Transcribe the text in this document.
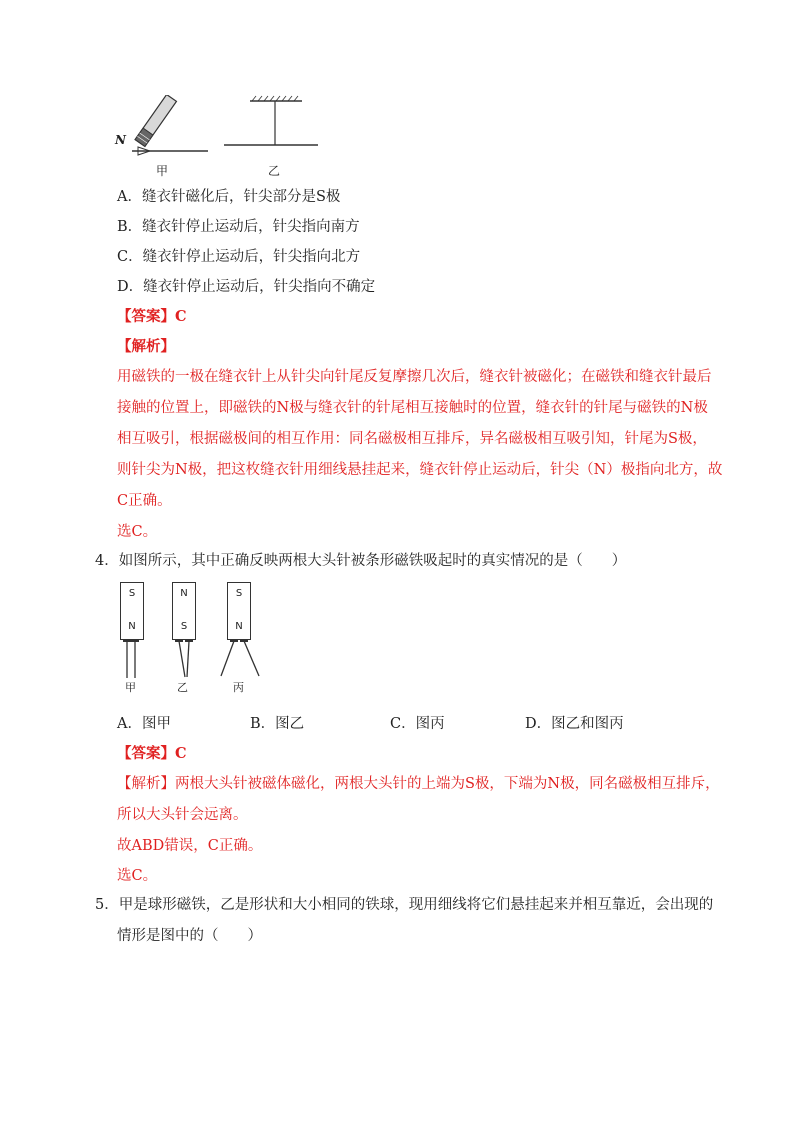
N
甲	乙
A．缝衣针磁化后，针尖部分是S极
B．缝衣针停止运动后，针尖指向南方
C．缝衣针停止运动后，针尖指向北方
D．缝衣针停止运动后，针尖指向不确定
【答案】C
【解析】
用磁铁的一极在缝衣针上从针尖向针尾反复摩擦几次后，缝衣针被磁化；在磁铁和缝衣针最后
接触的位置上，即磁铁的N极与缝衣针的针尾相互接触时的位置，缝衣针的针尾与磁铁的N极
相互吸引，根据磁极间的相互作用：同名磁极相互排斥，异名磁极相互吸引知，针尾为S极，
则针尖为N极，把这枚缝衣针用细线悬挂起来，缝衣针停止运动后，针尖（N）极指向北方，故
C正确。
选C。
4．如图所示，其中正确反映两根大头针被条形磁铁吸起时的真实情况的是（　　）
S
N
N
S
S
N
甲	乙	丙
A．图甲	B．图乙	C．图丙	D．图乙和图丙
【答案】C
【解析】两根大头针被磁体磁化，两根大头针的上端为S极，下端为N极，同名磁极相互排斥，
所以大头针会远离。
故ABD错误，C正确。
选C。
5．甲是球形磁铁，乙是形状和大小相同的铁球，现用细线将它们悬挂起来并相互靠近，会出现的
情形是图中的（　　）
